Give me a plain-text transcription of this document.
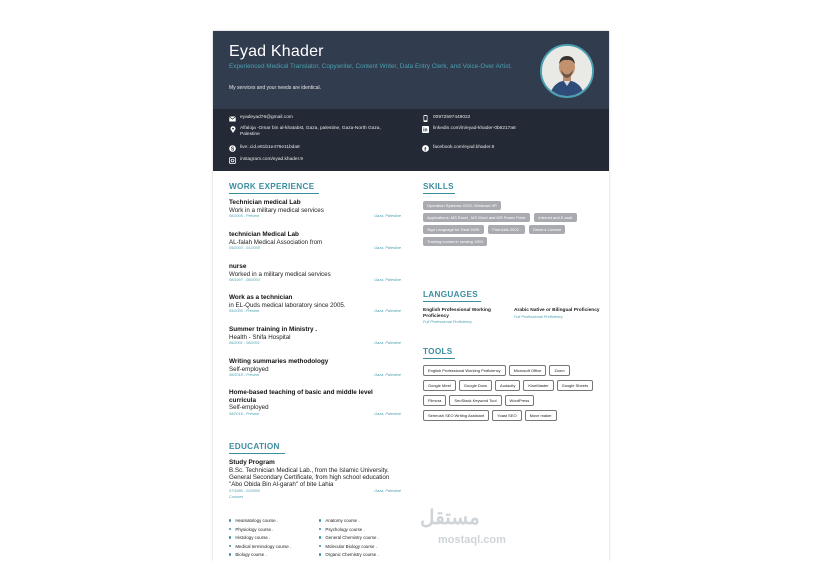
Eyad Khader
Experienced Medical Translator, Copywriter, Content Writer, Data Entry Clerk, and Voice-Over Artist.
My services and your needs are identical.
eyadeyad76@gmail.com	00972597449022
Alfaloja -Omar bin al-khatabst, Gaza, palestine, Gaza-North Gaza, Palestine
in linkedin.com/in/eyad-khader-0b6217a6
S live:.cid.e81b1e476e11bda8	f facebook.com/eyad.khader.9
instagram.com/eyad.khader.9
WORK EXPERIENCE
Technician medical Lab
Work in a military medical services
08/2005 - Present	Gaza, Palestine
technician Medical Lab
AL-falah Medical Association from
09/2003 - 01/2005	Gaza, Palestine
nurse
Worked in a military medical services
08/1997 - 08/2003	Gaza, Palestine
Work as a technician
in EL-Quds medical laboratory since 2005.
05/2005 - Present	Gaza, Palestine
Summer training in Ministry .
Health - Shifa Hospital
06/2001 - 08/2001	Gaza, Palestine
Writing summaries methodology
Self-employed
08/2018 - Present	Gaza, Palestine
Home-based teaching of basic and middle level curricula
Self-employed
08/2019 - Present	Gaza, Palestine
EDUCATION
Study Program
B.Sc. Technician Medical Lab., from the Islamic University. General Secondary Certificate, from high school education "Abo Obida Bin Al-garah" of bite Lahia
07/1996 - 02/2000	Gaza, Palestine
Courses
Heamatology course .	Anatomy course .
Physiology course .	Psychology course .
Histology course .	General Chemistry course .
Medical terminology course .	Molecular Biology course .
Biology course .	Organic Chemistry course .
SKILLS
Operation Systems: DOS, Windows XP.
Applications: MS Excel , MS Word and MS Power Point.	Internet and E-mail.
Sign Language for Deaf 2009.	First Aids 2002 .	Driver's License
Training course in nursing 1993
LANGUAGES
English Professional Working Proficiency
Full Professional Proficiency
Arabic Native or Bilingual Proficiency
Full Professional Proficiency
TOOLS
English Professional Working Proficiency	Microsoft Office	Zoom
Google Meet	Google Docs	Audacity	KineMaster	Google Sheets
Filmora	SeoStack Keyword Tool	WordPress
Semrush SEO Writing Assistant	Yoast SEO	Move maker
مستقل
mostaql.com
